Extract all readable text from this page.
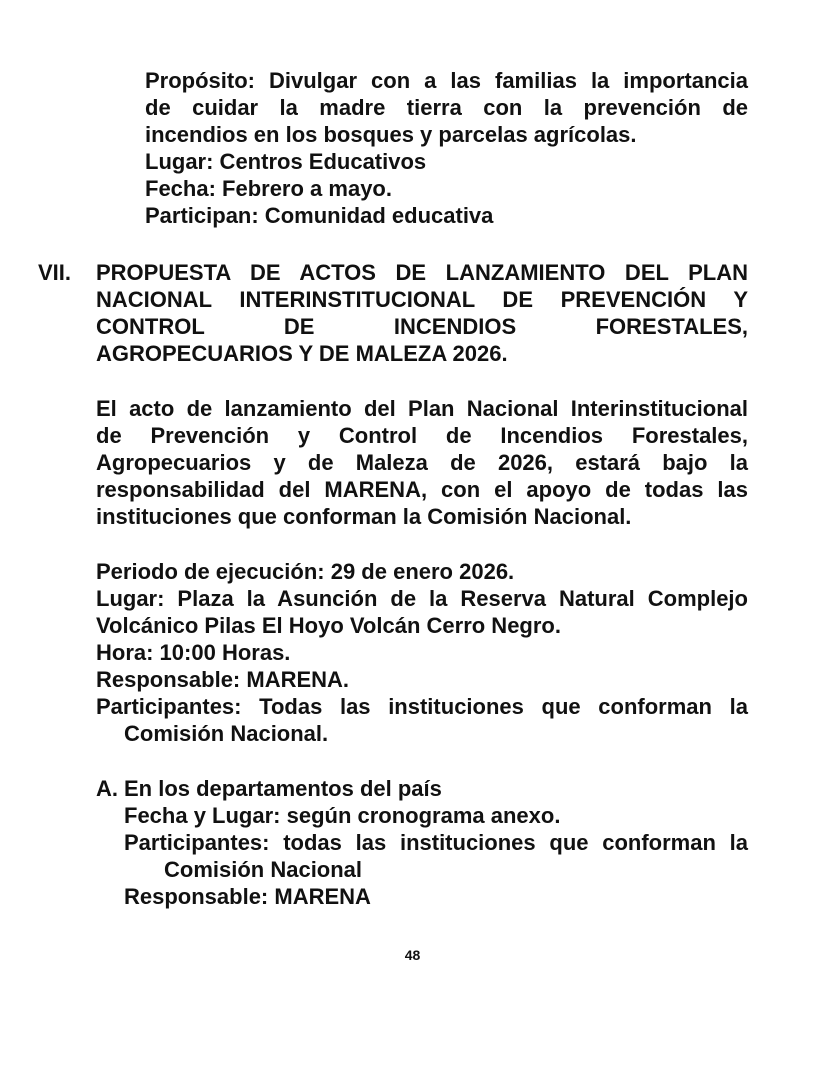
Propósito: Divulgar con a las familias la importancia
de cuidar la madre tierra con la prevención de
incendios en los bosques y parcelas agrícolas.
Lugar: Centros Educativos
Fecha: Febrero a mayo.
Participan: Comunidad educativa
VII. PROPUESTA DE ACTOS DE LANZAMIENTO DEL PLAN
NACIONAL INTERINSTITUCIONAL DE PREVENCIÓN Y
CONTROL DE INCENDIOS FORESTALES,
AGROPECUARIOS Y DE MALEZA 2026.
El acto de lanzamiento del Plan Nacional Interinstitucional
de Prevención y Control de Incendios Forestales,
Agropecuarios y de Maleza de 2026, estará bajo la
responsabilidad del MARENA, con el apoyo de todas las
instituciones que conforman la Comisión Nacional.
Periodo de ejecución: 29 de enero 2026.
Lugar: Plaza la Asunción de la Reserva Natural Complejo
Volcánico Pilas El Hoyo Volcán Cerro Negro.
Hora: 10:00 Horas.
Responsable: MARENA.
Participantes: Todas las instituciones que conforman la
Comisión Nacional.
A. En los departamentos del país
Fecha y Lugar: según cronograma anexo.
Participantes: todas las instituciones que conforman la
Comisión Nacional
Responsable: MARENA
48
